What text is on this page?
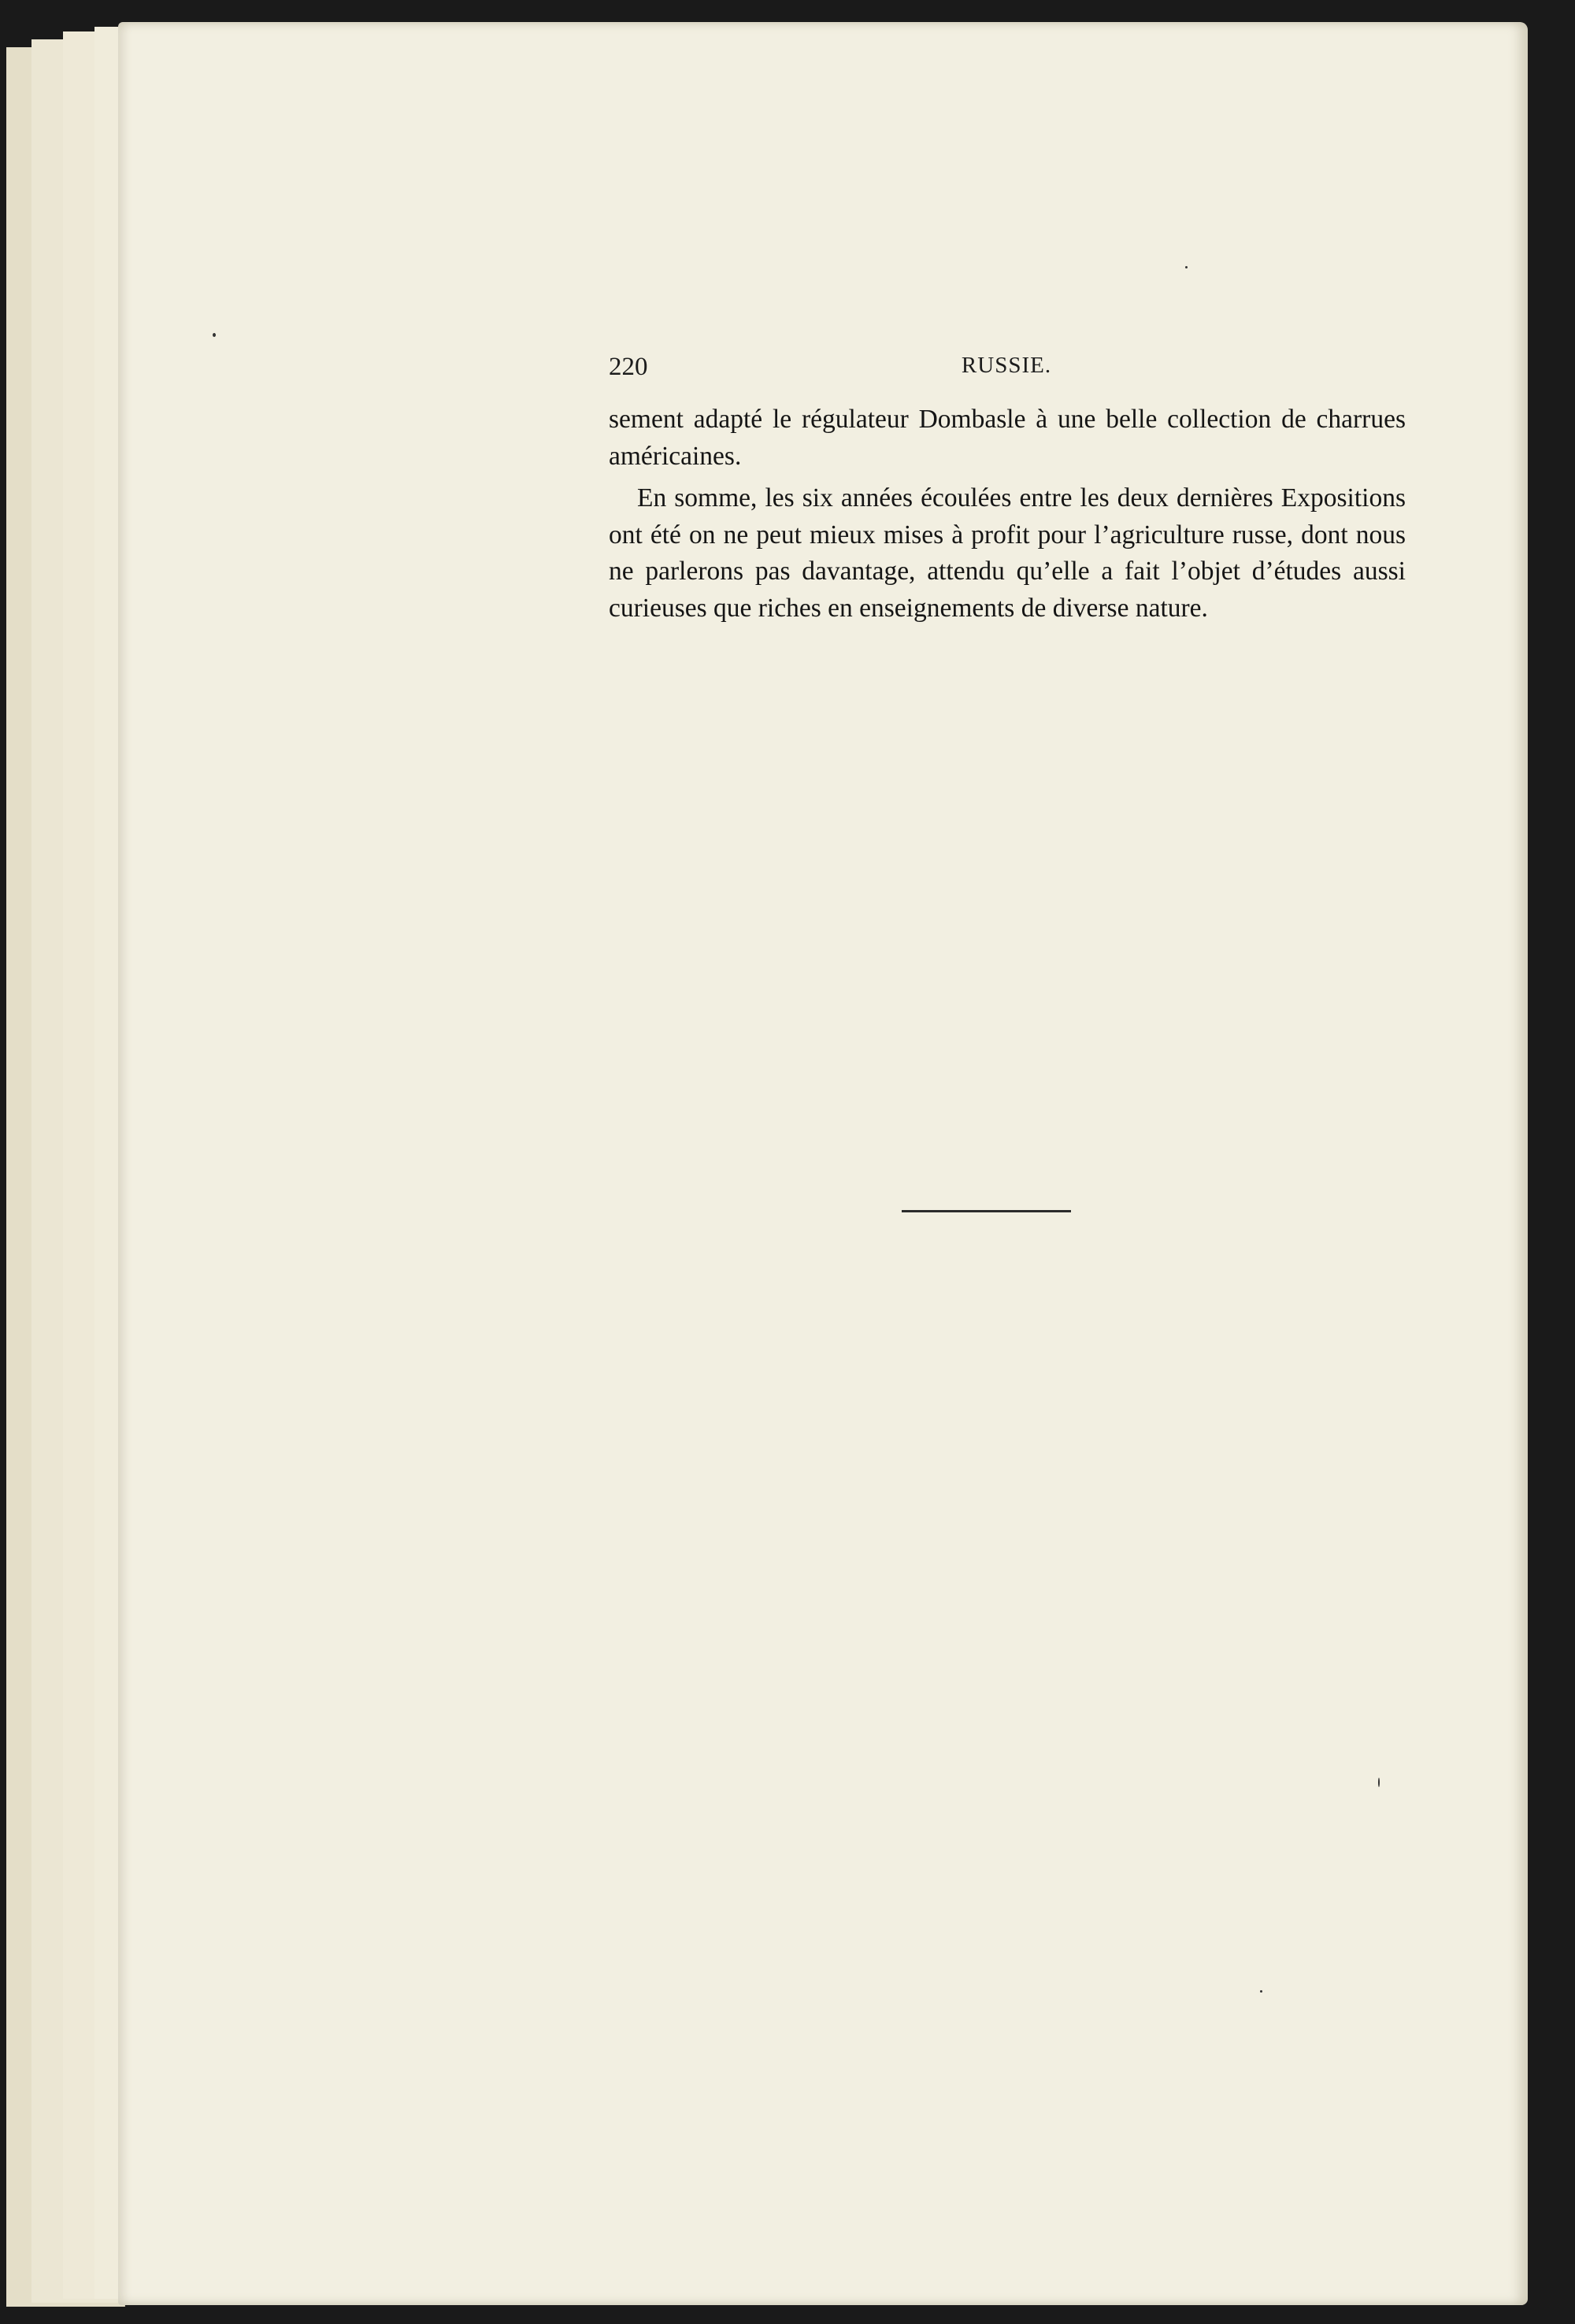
220	RUSSIE.

sement adapté le régulateur Dombasle à une belle collection de charrues américaines.

En somme, les six années écoulées entre les deux dernières Expositions ont été on ne peut mieux mises à profit pour l’agriculture russe, dont nous ne parlerons pas davantage, attendu qu’elle a fait l’objet d’études aussi curieuses que riches en enseignements de diverse nature.
